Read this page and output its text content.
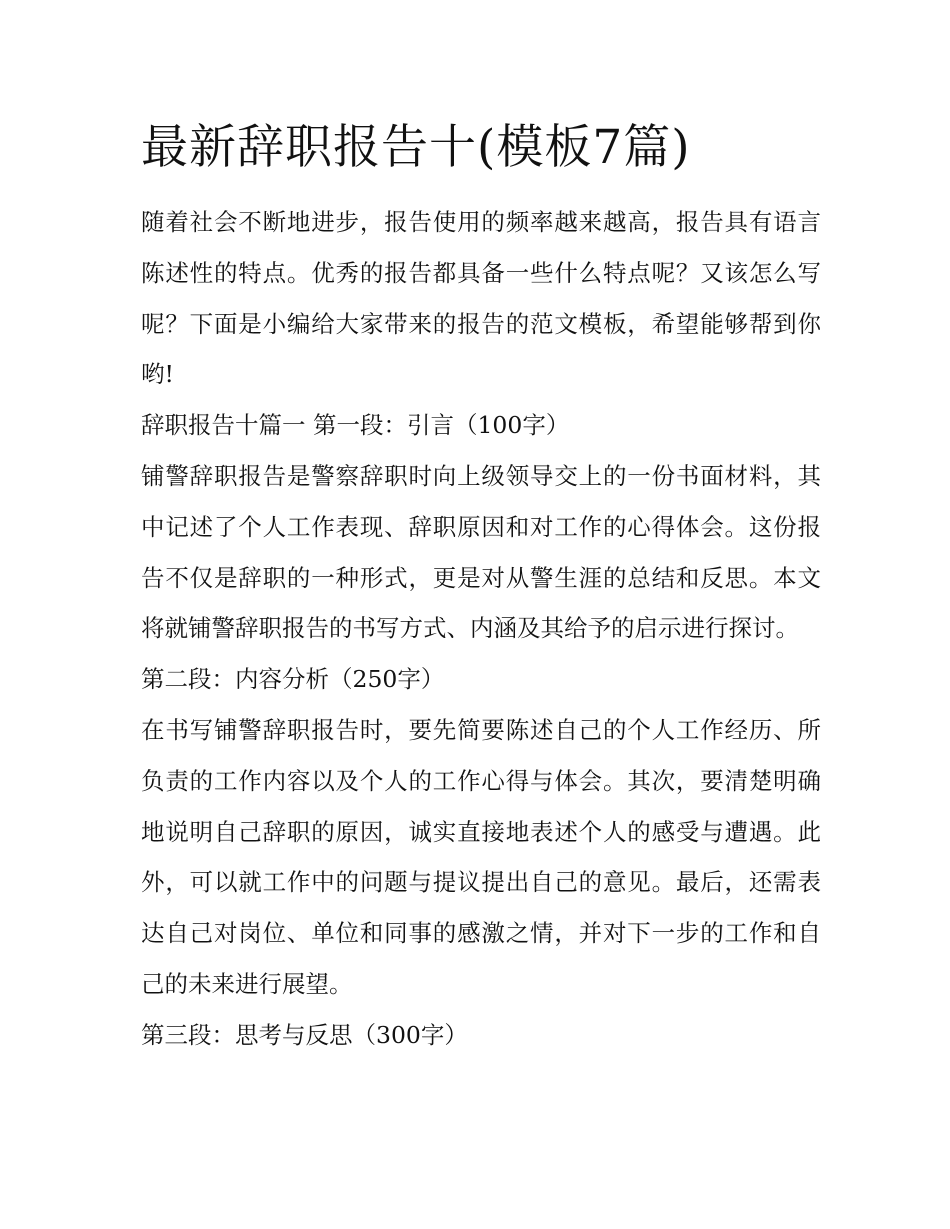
最新辞职报告十(模板7篇)

随着社会不断地进步，报告使用的频率越来越高，报告具有语言陈述性的特点。优秀的报告都具备一些什么特点呢？又该怎么写呢？下面是小编给大家带来的报告的范文模板，希望能够帮到你哟!

辞职报告十篇一 第一段：引言（100字）

铺警辞职报告是警察辞职时向上级领导交上的一份书面材料，其中记述了个人工作表现、辞职原因和对工作的心得体会。这份报告不仅是辞职的一种形式，更是对从警生涯的总结和反思。本文将就铺警辞职报告的书写方式、内涵及其给予的启示进行探讨。

第二段：内容分析（250字）

在书写铺警辞职报告时，要先简要陈述自己的个人工作经历、所负责的工作内容以及个人的工作心得与体会。其次，要清楚明确地说明自己辞职的原因，诚实直接地表述个人的感受与遭遇。此外，可以就工作中的问题与提议提出自己的意见。最后，还需表达自己对岗位、单位和同事的感激之情，并对下一步的工作和自己的未来进行展望。

第三段：思考与反思（300字）
